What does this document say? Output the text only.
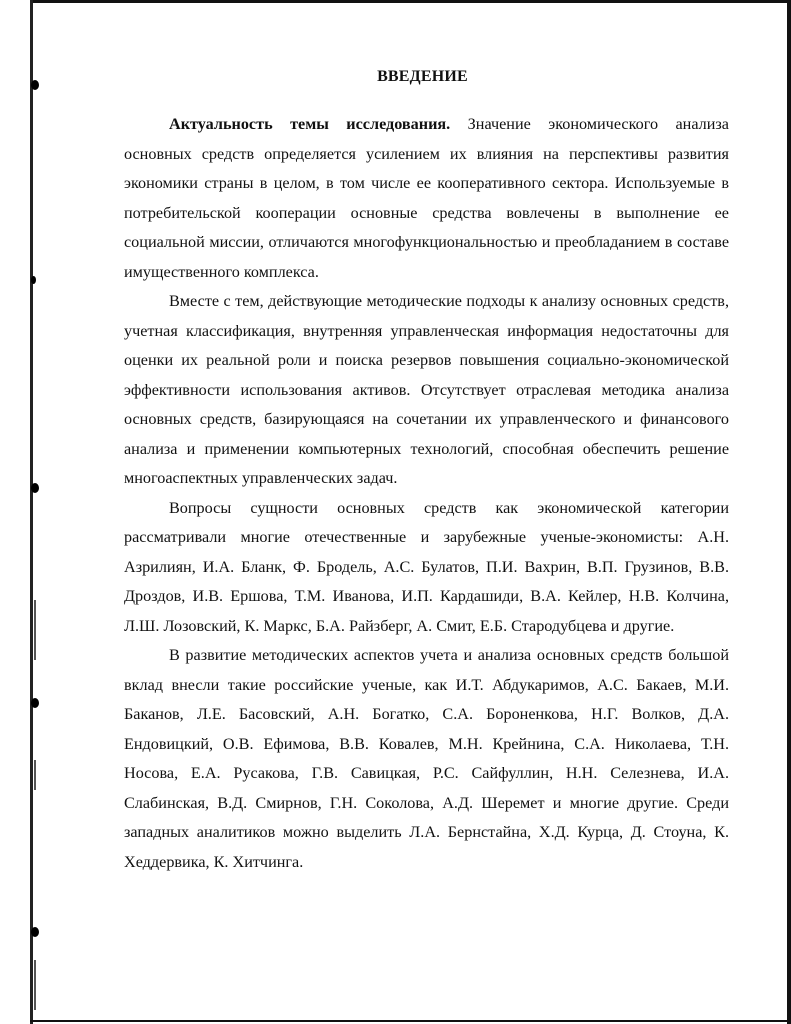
ВВЕДЕНИЕ

Актуальность темы исследования. Значение экономического анализа основных средств определяется усилением их влияния на перспективы развития экономики страны в целом, в том числе ее кооперативного сектора. Используемые в потребительской кооперации основные средства вовлечены в выполнение ее социальной миссии, отличаются многофункциональностью и преобладанием в составе имущественного комплекса.

Вместе с тем, действующие методические подходы к анализу основных средств, учетная классификация, внутренняя управленческая информация недостаточны для оценки их реальной роли и поиска резервов повышения социально-экономической эффективности использования активов. Отсутствует отраслевая методика анализа основных средств, базирующаяся на сочетании их управленческого и финансового анализа и применении компьютерных технологий, способная обеспечить решение многоаспектных управленческих задач.

Вопросы сущности основных средств как экономической категории рассматривали многие отечественные и зарубежные ученые-экономисты: А.Н. Азрилиян, И.А. Бланк, Ф. Бродель, А.С. Булатов, П.И. Вахрин, В.П. Грузинов, В.В. Дроздов, И.В. Ершова, Т.М. Иванова, И.П. Кардашиди, В.А. Кейлер, Н.В. Колчина, Л.Ш. Лозовский, К. Маркс, Б.А. Райзберг, А. Смит, Е.Б. Стародубцева и другие.

В развитие методических аспектов учета и анализа основных средств большой вклад внесли такие российские ученые, как И.Т. Абдукаримов, А.С. Бакаев, М.И. Баканов, Л.Е. Басовский, А.Н. Богатко, С.А. Бороненкова, Н.Г. Волков, Д.А. Ендовицкий, О.В. Ефимова, В.В. Ковалев, М.Н. Крейнина, С.А. Николаева, Т.Н. Носова, Е.А. Русакова, Г.В. Савицкая, Р.С. Сайфуллин, Н.Н. Селезнева, И.А. Слабинская, В.Д. Смирнов, Г.Н. Соколова, А.Д. Шеремет и многие другие. Среди западных аналитиков можно выделить Л.А. Бернстайна, Х.Д. Курца, Д. Стоуна, К. Хеддервика, К. Хитчинга.
